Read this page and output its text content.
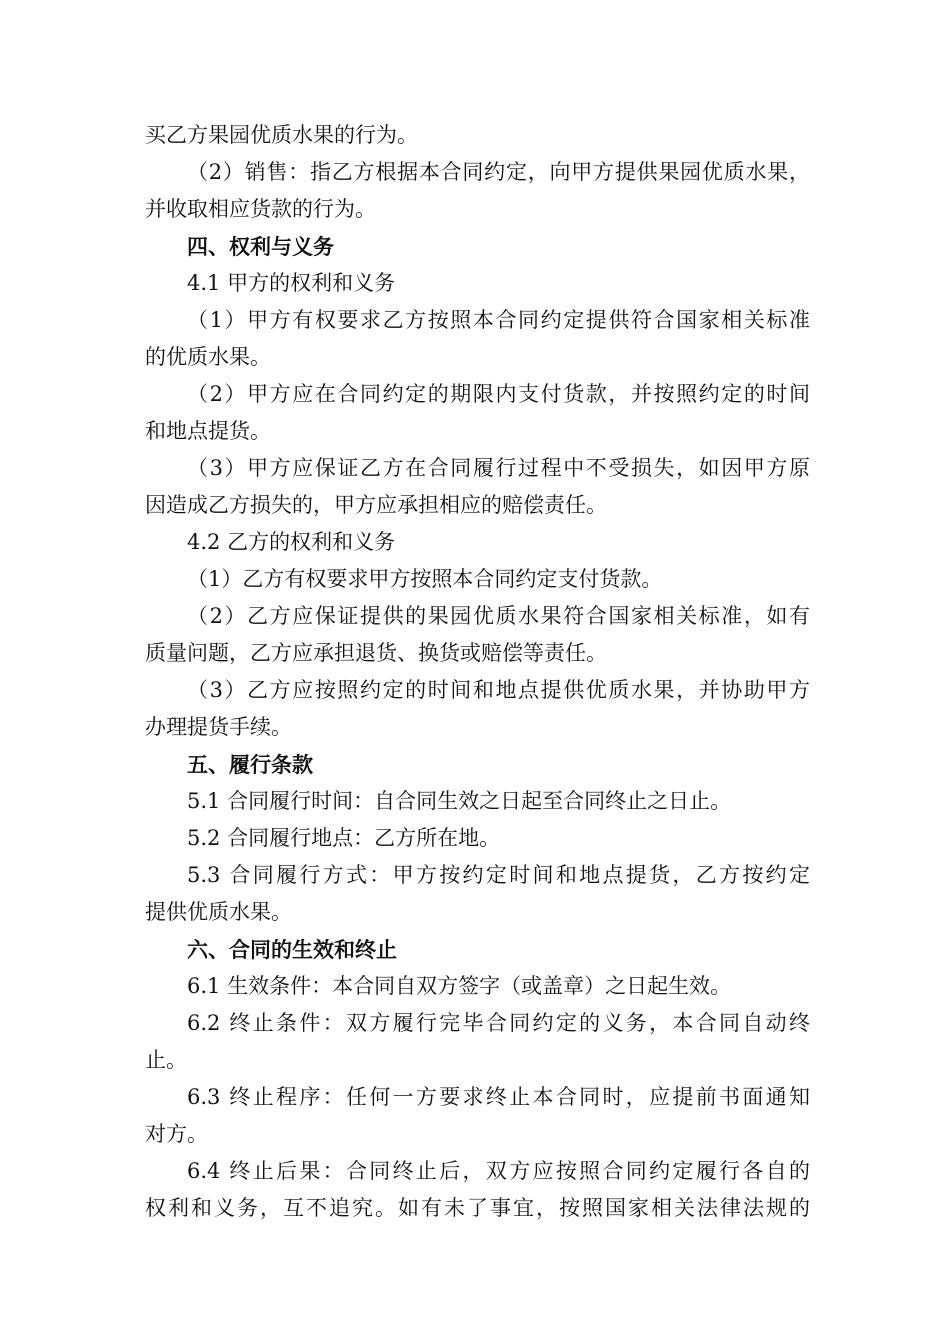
买乙方果园优质水果的行为。
（2）销售：指乙方根据本合同约定，向甲方提供果园优质水果，
并收取相应货款的行为。
四、权利与义务
4.1 甲方的权利和义务
（1）甲方有权要求乙方按照本合同约定提供符合国家相关标准
的优质水果。
（2）甲方应在合同约定的期限内支付货款，并按照约定的时间
和地点提货。
（3）甲方应保证乙方在合同履行过程中不受损失，如因甲方原
因造成乙方损失的，甲方应承担相应的赔偿责任。
4.2 乙方的权利和义务
（1）乙方有权要求甲方按照本合同约定支付货款。
（2）乙方应保证提供的果园优质水果符合国家相关标准，如有
质量问题，乙方应承担退货、换货或赔偿等责任。
（3）乙方应按照约定的时间和地点提供优质水果，并协助甲方
办理提货手续。
五、履行条款
5.1 合同履行时间：自合同生效之日起至合同终止之日止。
5.2 合同履行地点：乙方所在地。
5.3 合同履行方式：甲方按约定时间和地点提货，乙方按约定
提供优质水果。
六、合同的生效和终止
6.1 生效条件：本合同自双方签字（或盖章）之日起生效。
6.2 终止条件：双方履行完毕合同约定的义务，本合同自动终
止。
6.3 终止程序：任何一方要求终止本合同时，应提前书面通知
对方。
6.4 终止后果：合同终止后，双方应按照合同约定履行各自的
权利和义务，互不追究。如有未了事宜，按照国家相关法律法规的
